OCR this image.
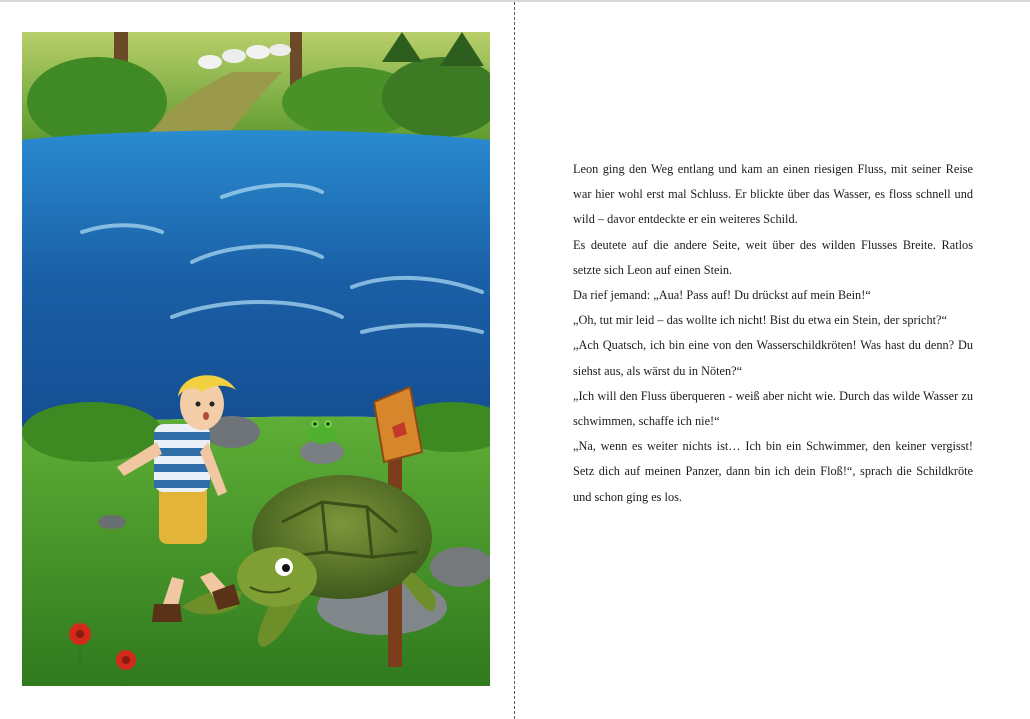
Leon ging den Weg entlang und kam an einen riesigen Fluss, mit seiner Reise war hier wohl erst mal Schluss. Er blickte über das Wasser, es floss schnell und wild – davor entdeckte er ein weiteres Schild.

Es deutete auf die andere Seite, weit über des wilden Flusses Breite. Ratlos setzte sich Leon auf einen Stein.

Da rief jemand: „Aua! Pass auf! Du drückst auf mein Bein!“

„Oh, tut mir leid – das wollte ich nicht! Bist du etwa ein Stein, der spricht?“

„Ach Quatsch, ich bin eine von den Wasserschildkröten! Was hast du denn? Du siehst aus, als wärst du in Nöten?“

„Ich will den Fluss überqueren - weiß aber nicht wie. Durch das wilde Wasser zu schwimmen, schaffe ich nie!“

„Na, wenn es weiter nichts ist… Ich bin ein Schwimmer, den keiner vergisst! Setz dich auf meinen Panzer, dann bin ich dein Floß!“, sprach die Schildkröte und schon ging es los.
